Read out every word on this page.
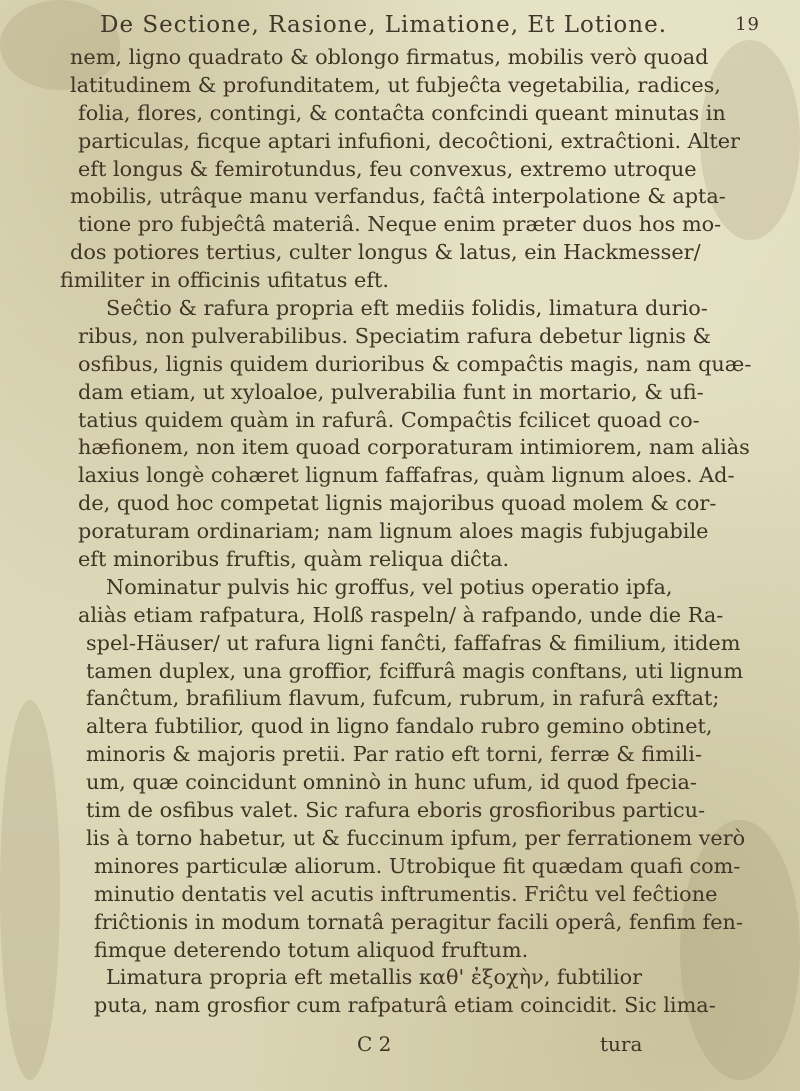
De Sectione, Rasione, Limatione, Et Lotione.	19
nem, ligno quadrato & oblongo firmatus, mobilis verò quoad
latitudinem & profunditatem, ut fubjeĉta vegetabilia, radices,
folia, flores, contingi, & contaĉta confcindi queant minutas in
particulas, ficque aptari infufioni, decoĉtioni, extraĉtioni. Alter
eft longus & femirotundus, feu convexus, extremo utroque
mobilis, utrâque manu verfandus, faĉtâ interpolatione & apta-
tione pro fubjeĉtâ materiâ. Neque enim præter duos hos mo-
dos potiores tertius, culter longus & latus, ein Hackmesser/
fimiliter in officinis ufitatus eft.
Seĉtio & rafura propria eft mediis folidis, limatura durio-
ribus, non pulverabilibus. Speciatim rafura debetur lignis &
osfibus, lignis quidem durioribus & compaĉtis magis, nam quæ-
dam etiam, ut xyloaloe, pulverabilia funt in mortario, & ufi-
tatius quidem quàm in rafurâ. Compaĉtis fcilicet quoad co-
hæfionem, non item quoad corporaturam intimiorem, nam aliàs
laxius longè cohæret lignum faffafras, quàm lignum aloes. Ad-
de, quod hoc competat lignis majoribus quoad molem & cor-
poraturam ordinariam; nam lignum aloes magis fubjugabile
eft minoribus fruftis, quàm reliqua diĉta.
Nominatur pulvis hic groffus, vel potius operatio ipfa,
aliàs etiam rafpatura, Holß raspeln/ à rafpando, unde die Ra-
spel-Häuser/ ut rafura ligni fanĉti, faffafras & fimilium, itidem
tamen duplex, una groffior, fciffurâ magis conftans, uti lignum
fanĉtum, brafilium flavum, fufcum, rubrum, in rafurâ exftat;
altera fubtilior, quod in ligno fandalo rubro gemino obtinet,
minoris & majoris pretii. Par ratio eft torni, ferræ & fimili-
um, quæ coincidunt omninò in hunc ufum, id quod fpecia-
tim de osfibus valet. Sic rafura eboris grosfioribus particu-
lis à torno habetur, ut & fuccinum ipfum, per ferrationem verò
minores particulæ aliorum. Utrobique fit quædam quafi com-
minutio dentatis vel acutis inftrumentis. Friĉtu vel feĉtione
friĉtionis in modum tornatâ peragitur facili operâ, fenfim fen-
fimque deterendo totum aliquod fruftum.
Limatura propria eft metallis καθ' ἐξοχὴν, fubtilior
puta, nam grosfior cum rafpaturâ etiam coincidit. Sic lima-
C 2	tura
